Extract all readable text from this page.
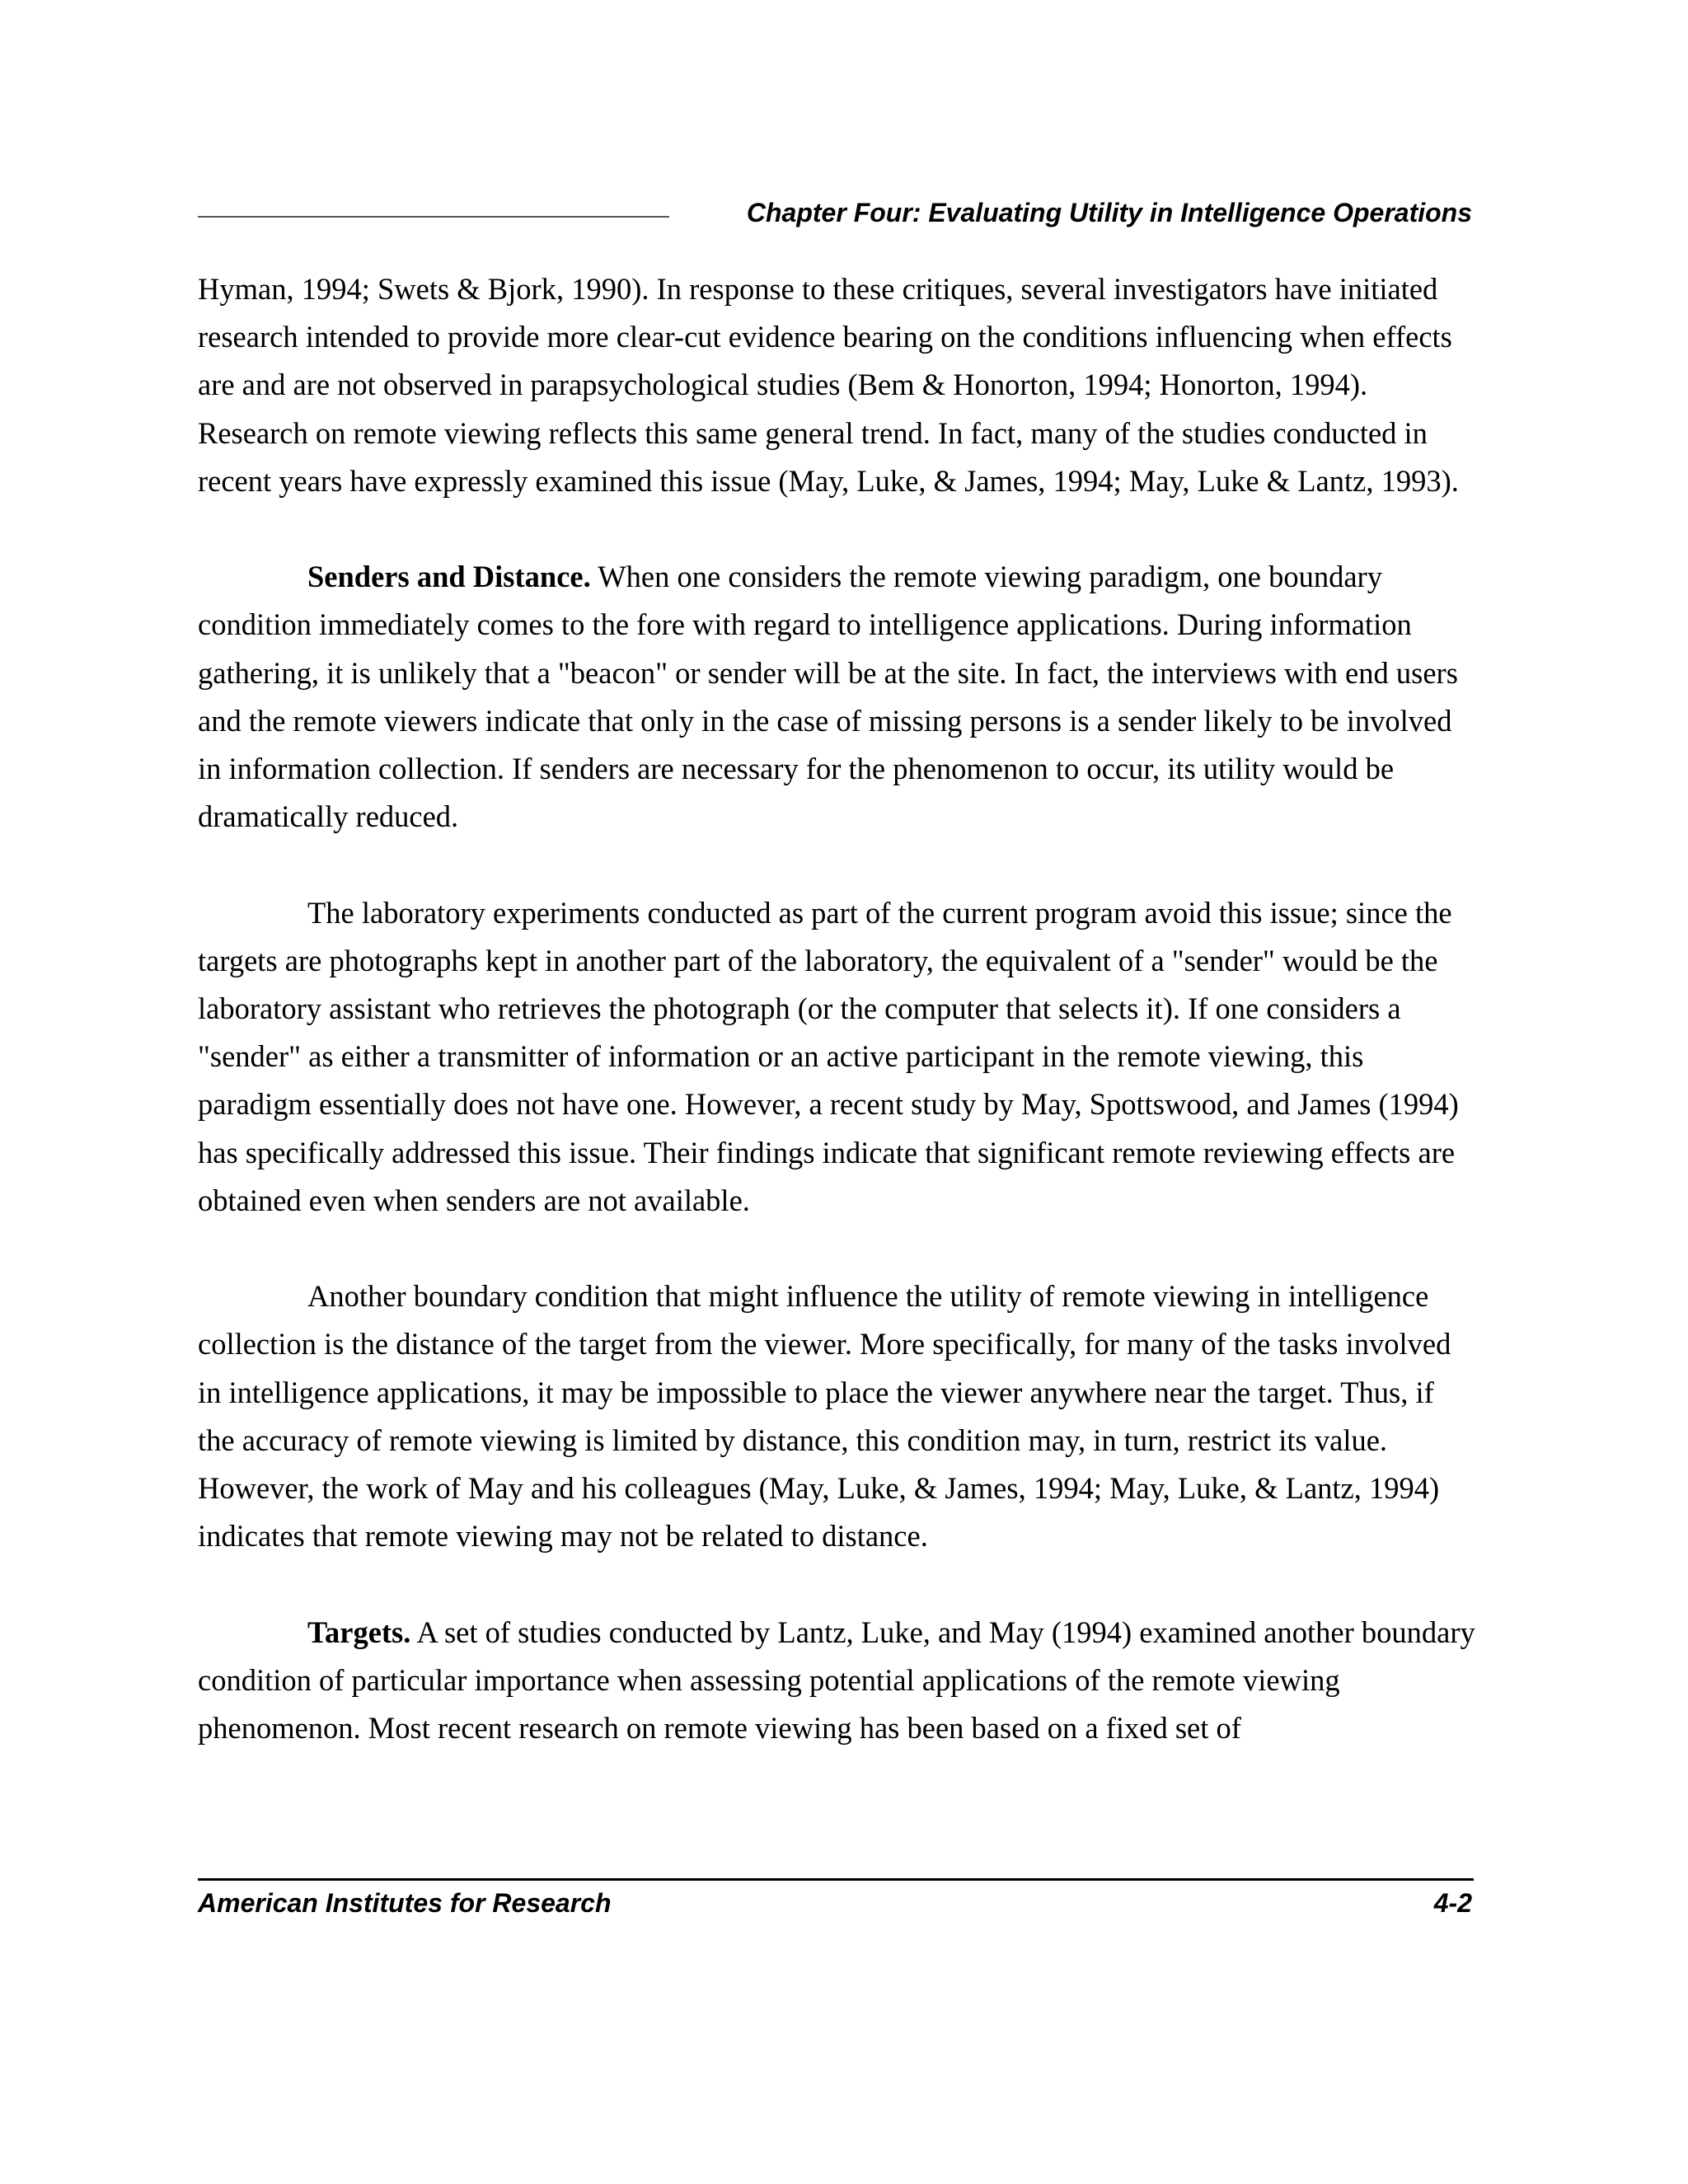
Chapter Four: Evaluating Utility in Intelligence Operations

Hyman, 1994; Swets & Bjork, 1990). In response to these critiques, several investigators have initiated research intended to provide more clear-cut evidence bearing on the conditions influencing when effects are and are not observed in parapsychological studies (Bem & Honorton, 1994; Honorton, 1994). Research on remote viewing reflects this same general trend. In fact, many of the studies conducted in recent years have expressly examined this issue (May, Luke, & James, 1994; May, Luke & Lantz, 1993).

Senders and Distance. When one considers the remote viewing paradigm, one boundary condition immediately comes to the fore with regard to intelligence applications. During information gathering, it is unlikely that a "beacon" or sender will be at the site. In fact, the interviews with end users and the remote viewers indicate that only in the case of missing persons is a sender likely to be involved in information collection. If senders are necessary for the phenomenon to occur, its utility would be dramatically reduced.

The laboratory experiments conducted as part of the current program avoid this issue; since the targets are photographs kept in another part of the laboratory, the equivalent of a "sender" would be the laboratory assistant who retrieves the photograph (or the computer that selects it). If one considers a "sender" as either a transmitter of information or an active participant in the remote viewing, this paradigm essentially does not have one. However, a recent study by May, Spottswood, and James (1994) has specifically addressed this issue. Their findings indicate that significant remote reviewing effects are obtained even when senders are not available.

Another boundary condition that might influence the utility of remote viewing in intelligence collection is the distance of the target from the viewer. More specifically, for many of the tasks involved in intelligence applications, it may be impossible to place the viewer anywhere near the target. Thus, if the accuracy of remote viewing is limited by distance, this condition may, in turn, restrict its value. However, the work of May and his colleagues (May, Luke, & James, 1994; May, Luke, & Lantz, 1994) indicates that remote viewing may not be related to distance.

Targets. A set of studies conducted by Lantz, Luke, and May (1994) examined another boundary condition of particular importance when assessing potential applications of the remote viewing phenomenon. Most recent research on remote viewing has been based on a fixed set of

American Institutes for Research	4-2
